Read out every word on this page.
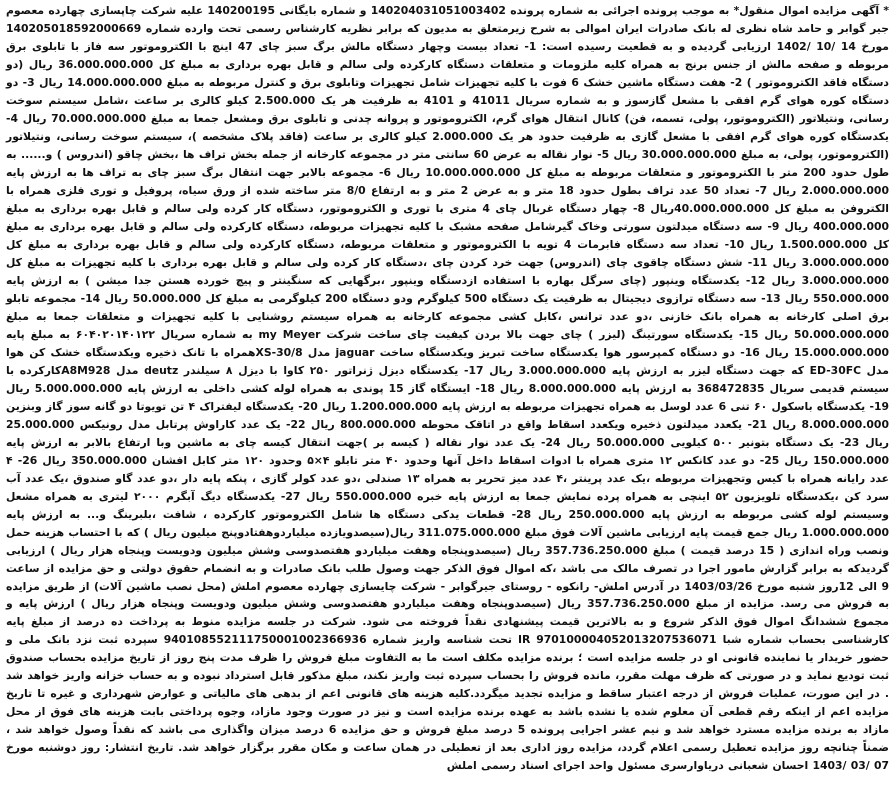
* آگهی مزایده اموال منقول* به موجب پرونده اجرائی به شماره پرونده 140204031051003402 و شماره بایگانی 140200195 علیه شرکت چاپسازی چهارده معصوم جیر گوابر و حامد شاه نظری له بانک صادرات ایران اموالی به شرح زیرمتعلق به مدیون که برابر نظریه کارشناس رسمی تحت وارده شماره 140205018592000669 مورخ 14 /10 /1402 ارزیابی گردیده و به قطعیت رسیده است: 1- تعداد بیست وچهار دستگاه مالش برگ سبز چای 47 اینچ با الکتروموتور سه فاز با تابلوی برق مربوطه و صفحه مالش از جنس برنج به همراه کلیه ملزومات و متعلقات دستگاه کارکرده ولی سالم و قابل بهره برداری به مبلغ کل 36.000.000.000 ریال (دو دستگاه فاقد الکتروموتور ) 2- هفت دستگاه ماشین خشک 6 فوت با کلیه تجهیزات شامل تجهیزات وتابلوی برق و کنترل مربوطه به مبلغ 14.000.000.000 ریال 3- دو دستگاه کوره هوای گرم افقی با مشعل گازسوز و به شماره سریال 41011 و 4101 به ظرفیت هر یک 2.500.000 کیلو کالری بر ساعت ،شامل سیستم سوخت رسانی، ونتیلاتور (الکتروموتور، پولی، تسمه، فن) کانال انتقال هوای گرم، الکتروموتور و پروانه چدنی و تابلوی برق ومشعل جمعا به مبلغ 70.000.000.000 ریال 4- یکدستگاه کوره هوای گرم افقی با مشعل گازی به ظرفیت حدود هر یک 2.000.000 کیلو کالری بر ساعت (فاقد پلاک مشخصه )، سیستم سوخت رسانی، ونتیلاتور (الکتروموتور، پولی، به مبلغ 30.000.000.000 ریال 5- نوار نقاله به عرض 60 سانتی متر در مجموعه کارخانه از جمله بخش تراف ها ،بخش چاقو (اندروس ) و...... به طول حدود 200 متر با الکتروموتور و متعلقات مربوطه به مبلغ کل 10.000.000.000 ریال 6- مجموعه بالابر جهت انتقال برگ سبز چای به تراف ها به ارزش پایه 2.000.000.000 ریال 7- تعداد 50 عدد تراف بطول حدود 18 متر و به عرض 2 متر و به ارتفاع 8/0 متر ساخته شده از ورق سیاه، پروفیل و توری فلزی همراه با الکتروفن به مبلغ کل 40.000.000.000ریال 8- چهار دستگاه غربال چای 4 متری با توری و الکتروموتور، دستگاه کار کرده ولی سالم و قابل بهره برداری به مبلغ 400.000.000 ریال 9- سه دستگاه میدلتون سورتی وخاک گیرشامل صفحه مشبک با کلیه تجهیزات مربوطه، دستگاه کارکرده ولی سالم و قابل بهره برداری به مبلغ کل 1.500.000.000 ریال 10- تعداد سه دستگاه فابرمات 4 تویه با الکتروموتور و متعلقات مربوطه، دستگاه کارکرده ولی سالم و قابل بهره برداری به مبلغ کل 3.000.000.000 ریال 11- شش دستگاه چاقوی چای (اندروس) جهت خرد کردن چای ،دستگاه کار کرده ولی سالم و قابل بهره برداری با کلیه تجهیزات به مبلغ کل 3.000.000.000 ریال 12- یکدستگاه وینپور (چای سرگل بهاره با استفاده ازدستگاه وینپور ،برگهایی که سنگینتر و پیچ خورده هستن جدا میشن ) به ارزش پایه 550.000.000 ریال 13- سه دستگاه ترازوی دیجیتال به ظرفیت یک دستگاه 500 کیلوگرم ودو دستگاه 200 کیلوگرمی به مبلغ کل 50.000.000 ریال 14- مجموعه تابلو برق اصلی کارخانه به همراه بانک خازنی ،دو عدد ترانس ،کابل کشی مجموعه کارخانه به همراه سیستم روشنایی با کلیه تجهیزات و متعلقات جمعا به مبلغ 50.000.000.000 ریال 15- یکدستگاه سورتینگ (لیزر ) چای جهت بالا بردن کیفیت چای ساخت شرکت my Meyer به شماره سریال ۶۰۴۰۲۰۱۴۰۱۲۲ به مبلغ پایه 15.000.000.000 ریال 16- دو دستگاه کمپرسور هوا یکدستگاه ساخت تبریز ویکدستگاه ساخت jaguar مدل XS-30/8همراه با تانک ذخیره ویکدستگاه خشک کن هوا مدل ED-30FC که جهت دستگاه لیزر به ارزش پایه 3.000.000.000 ریال 17- یکدستگاه دیزل ژنراتور ۲۵۰ کاوا با دیزل ۸ سیلندر deutz مدل A8M928کارکرده با سیستم قدیمی سریال 368472835 به ارزش پایه 8.000.000.000 ریال 18- ایستگاه گاز 15 پوندی به همراه لوله کشی داخلی به ارزش پایه 5.000.000.000 ریال 19- یکدستگاه باسکول ۶۰ تنی 6 عدد لوسل به همراه تجهیزات مربوطه به ارزش پایه 1.200.000.000 ریال 20- یکدستگاه لیفتراک ۴ تن تویوتا دو گانه سوز گاز وبنزین 8.000.000.000 ریال 21- یکعدد میدلتون ذخیره ویکعدد اسقاط واقع در اتاقک محوطه 800.000.000 ریال 22- یک عدد کاراوش پرتابل مدل رونیکس 25.000.000 ریال 23- یک دستگاه بتونیر ۵۰۰ کیلویی 50.000.000 ریال 24- یک عدد نوار نقاله ( کیسه بر )جهت انتقال کیسه چای به ماشین وبا ارتفاع بالابر به ارزش پایه 150.000.000 ریال 25- دو عدد کانکس ۱۲ متری همراه با ادوات اسقاط داخل آنها وحدود ۴۰ متر تابلو ۴×۵ وحدود ۱۲۰ متر کابل افشان 350.000.000 ریال 26- ۴ عدد رایانه همراه با کیس وتجهیزات مربوطه ،یک عدد پرینتر ،۴ عدد میز تحریر به همراه ۱۳ صندلی ،دو عدد کولر گازی ، پنکه پایه دار ،دو عدد گاو صندوق ،یک عدد آب سرد کن ،یکدستگاه تلویزیون ۵۲ اینچی به همراه پرده نمایش جمعا به ارزش پایه خبره 550.000.000 ریال 27- یکدستگاه دیگ آبگرم ۲۰۰۰ لیتری به همراه مشعل وسیستم لوله کشی مربوطه به ارزش پایه 250.000.000 ریال 28- قطعات یدکی دستگاه ها شامل الکتروموتور کارکرده ، شافت ،بلبرینگ و... به ارزش پایه 1.000.000.000 ریال جمع قیمت پایه ارزیابی ماشین آلات فوق مبلغ 311.075.000.000 ریال(سیصدویازده میلیاردوهفتادوپنج میلیون ریال ) که با احتساب هزینه حمل ونصب وراه اندازی ( 15 درصد قیمت ) مبلغ 357.736.250.000 ریال (سیصدوپنجاه وهفت میلیاردو هفتصدوسی وشش میلیون ودویست وپنجاه هزار ریال ) ارزیابی گردیدکه به برابر گزارش مامور اجرا در تصرف مالک می باشد ،که اموال فوق الذکر جهت وصول طلب بانک صادرات و به انضمام حقوق دولتی و حق مزایده از ساعت 9 الی 12روز شنبه مورخ 1403/03/26 در آدرس املش- رانکوه - روستای جیرگوابر - شرکت چایسازی چهارده معصوم املش (محل نصب ماشین آلات) از طریق مزایده به فروش می رسد. مزایده از مبلغ 357.736.250.000 ریال (سیصدوپنجاه وهفت میلیاردو هفتصدوسی وشش میلیون ودویست وپنجاه هزار ریال ) ارزش پایه و مجموع ششدانگ اموال فوق الذکر شروع و به بالاترین قیمت پیشنهادی نقداً فروخته می شود. شرکت در جلسه مزایده منوط به پرداخت ده درصد از مبلغ پایه کارشناسی بحساب شماره شبا IR 970100004052013207536071 تحت شناسه واریز شماره 940108552111750001002366936 سپرده ثبت نزد بانک ملی و حضور خریدار یا نماینده قانونی او در جلسه مزایده است ؛ برنده مزایده مکلف است ما به التفاوت مبلغ فروش را ظرف مدت پنج روز از تاریخ مزایده بحساب صندوق ثبت تودیع نماید و در صورتی که ظرف مهلت مقرر، مانده فروش را بحساب سپرده ثبت واریز نکند، مبلغ مذکور قابل استرداد نبوده و به حساب خزانه واریز خواهد شد . در این صورت، عملیات فروش از درجه اعتبار ساقط و مزایده تجدید میگردد.کلیه هزینه های قانونی اعم از بدهی های مالیاتی و عوارض شهرداری و غیره تا تاریخ مزایده اعم از اینکه رقم قطعی آن معلوم شده یا نشده باشد به عهده برنده مزایده است و نیز در صورت وجود مازاد، وجوه پرداختی بابت هزینه های فوق از محل مازاد به برنده مزایده مسترد خواهد شد و نیم عشر اجرایی پرونده 5 درصد مبلغ فروش و حق مزایده 6 درصد میزان واگذاری می باشد که نقداً وصول خواهد شد ، ضمناً چنانچه روز مزایده تعطیل رسمی اعلام گردد، مزایده روز اداری بعد از تعطیلی در همان ساعت و مکان مقرر برگزار خواهد شد. تاریخ انتشار: روز دوشنبه مورخ 07 /03 /1403 احسان شعبانی دریاوارسری مسئول واحد اجرای اسناد رسمی املش
